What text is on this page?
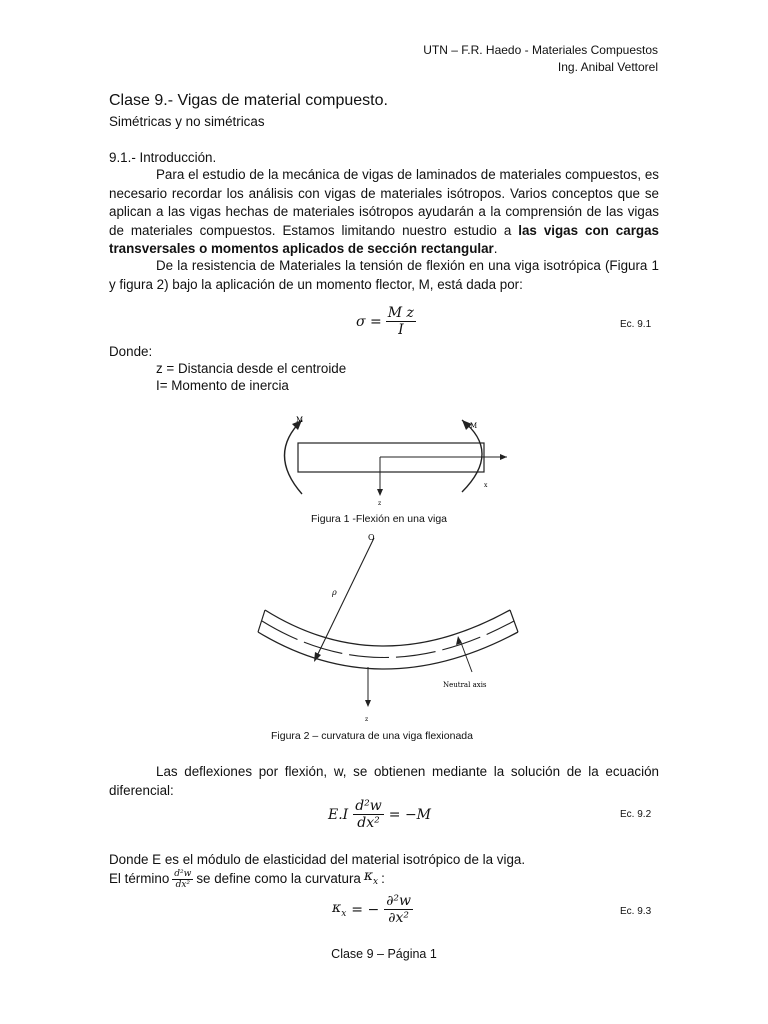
UTN – F.R. Haedo - Materiales Compuestos
Ing. Anibal Vettorel
Clase 9.- Vigas de material compuesto.
Simétricas y no simétricas
9.1.- Introducción.
Para el estudio de la mecánica de vigas de laminados de materiales compuestos, es necesario recordar los análisis con vigas de materiales isótropos. Varios conceptos que se aplican a las vigas hechas de materiales isótropos ayudarán a la comprensión de las vigas de materiales compuestos. Estamos limitando nuestro estudio a las vigas con cargas transversales o momentos aplicados de sección rectangular.
De la resistencia de Materiales la tensión de flexión en una viga isotrópica (Figura 1 y figura 2) bajo la aplicación de un momento flector, M, está dada por:
$\sigma = \frac{\text{M z}}{I}$	Ec. 9.1
Donde:
z = Distancia desde el centroide
I= Momento de inercia
M
M
x
z
Figura 1 -Flexión en una viga
O
ρ
Neutral axis
z
Figura 2 – curvatura de una viga flexionada
Las deflexiones por flexión, w, se obtienen mediante la solución de la ecuación diferencial:
$E.I \frac{\text{d²w}}{\text{dx²}} = -M$	Ec. 9.2
Donde E es el módulo de elasticidad del material isotrópico de la viga.
El término $\frac{\text{d²w}}{\text{dx²}}$ se define como la curvatura $\kappa_x$ :
$\kappa_x$ = − $\frac{\text{∂²w}}{\text{∂x²}}$	Ec. 9.3
Clase 9 – Página 1
